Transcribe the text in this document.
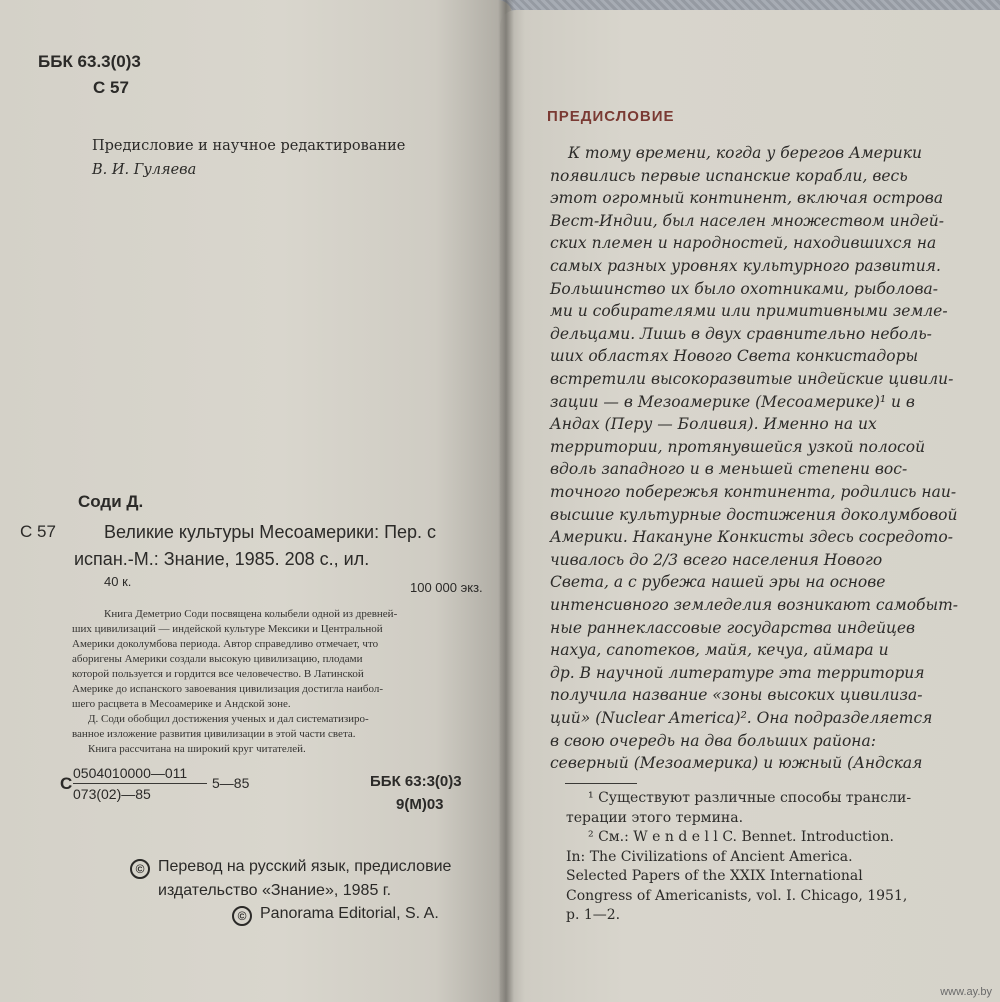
ББК 63.3(0)3
С 57
Предисловие и научное редактирование
В. И. Гуляева
Соди Д.
С 57	Великие культуры Месоамерики: Пер. с
испан.-М.: Знание, 1985. 208 с., ил.
40 к.	100 000 экз.
Книга Деметрио Соди посвящена колыбели одной из древней-
ших цивилизаций — индейской культуре Мексики и Центральной
Америки доколумбова периода. Автор справедливо отмечает, что
аборигены Америки создали высокую цивилизацию, плодами
которой пользуется и гордится все человечество. В Латинской
Америке до испанского завоевания цивилизация достигла наибол-
шего расцвета в Месоамерике и Андской зоне.
Д. Соди обобщил достижения ученых и дал систематизиро-
ванное изложение развития цивилизации в этой части света.
Книга рассчитана на широкий круг читателей.
С
0504010000—011
073(02)—85
5—85	ББК 63:3(0)3
9(М)03
© Перевод на русский язык, предисловие
издательство «Знание», 1985 г.
© Panorama Editorial, S. A.
ПРЕДИСЛОВИЕ
К тому времени, когда у берегов Америки
появились первые испанские корабли, весь
этот огромный континент, включая острова
Вест-Индии, был населен множеством индей-
ских племен и народностей, находившихся на
самых разных уровнях культурного развития.
Большинство их было охотниками, рыболова-
ми и собирателями или примитивными земле-
дельцами. Лишь в двух сравнительно неболь-
ших областях Нового Света конкистадоры
встретили высокоразвитые индейские цивили-
зации — в Мезоамерике (Месоамерике)¹ и в
Андах (Перу — Боливия). Именно на их
территории, протянувшейся узкой полосой
вдоль западного и в меньшей степени вос-
точного побережья континента, родились наи-
высшие культурные достижения доколумбовой
Америки. Накануне Конкисты здесь сосредото-
чивалось до 2/3 всего населения Нового
Света, а с рубежа нашей эры на основе
интенсивного земледелия возникают самобыт-
ные раннеклассовые государства индейцев
нахуа, сапотеков, майя, кечуа, аймара и
др. В научной литературе эта территория
получила название «зоны высоких цивилиза-
ций» (Nuclear America)². Она подразделяется
в свою очередь на два больших района:
северный (Мезоамерика) и южный (Андская
¹ Существуют различные способы трансли-
терации этого термина.
² См.: W e n d e l l C. Bennet. Introduction.
In: The Civilizations of Ancient America.
Selected Papers of the XXIX International
Congress of Americanists, vol. I. Chicago, 1951,
p. 1—2.
www.ay.by
